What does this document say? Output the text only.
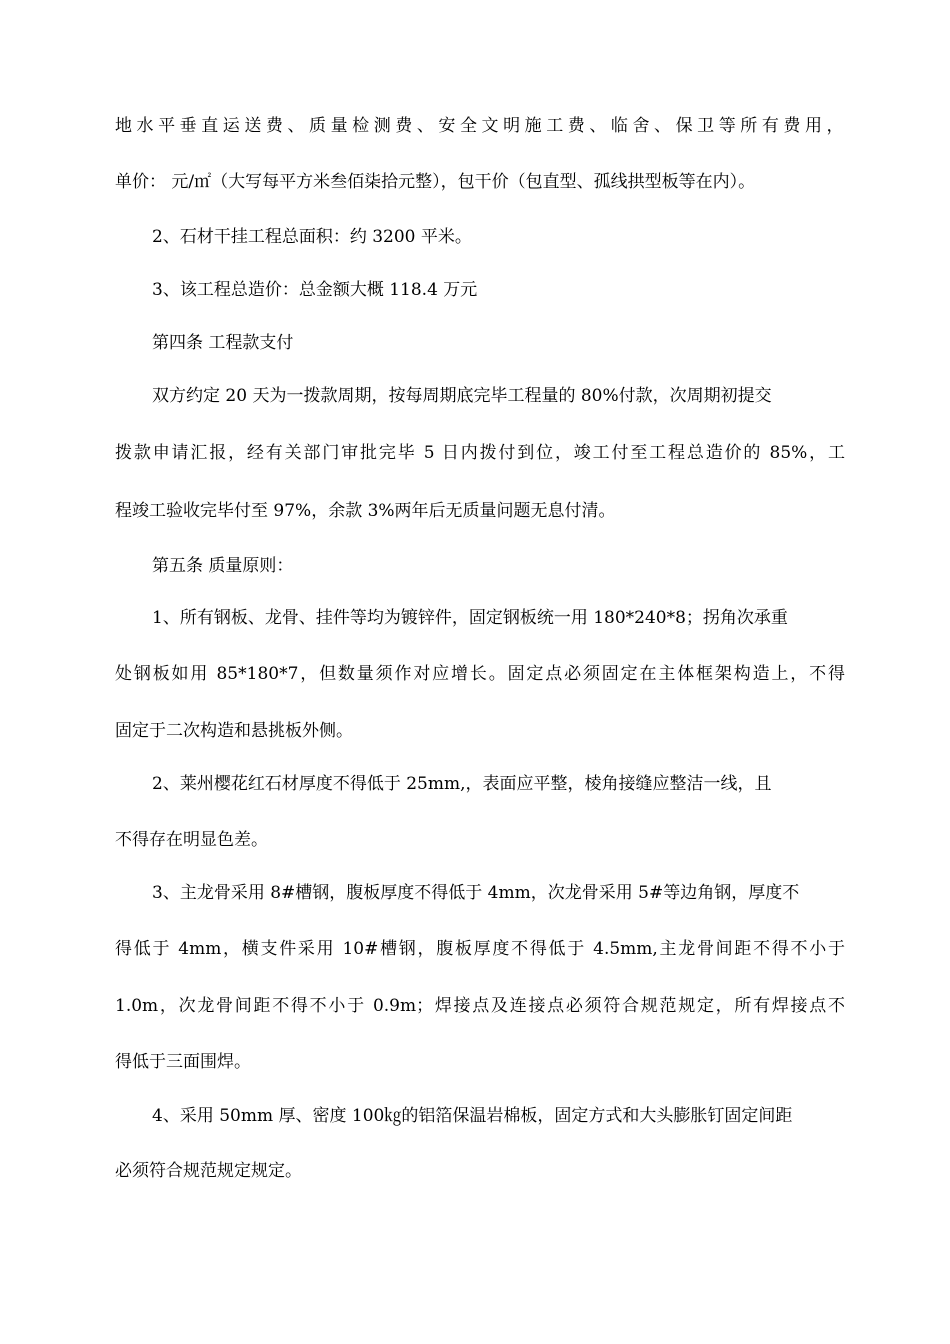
地水平垂直运送费、质量检测费、安全文明施工费、临舍、保卫等所有费用，
单价： 元/㎡（大写每平方米叁佰柒拾元整），包干价（包直型、孤线拱型板等在内）。
2、石材干挂工程总面积：约 3200 平米。
3、该工程总造价：总金额大概 118.4 万元
第四条 工程款支付
双方约定 20 天为一拨款周期，按每周期底完毕工程量的 80%付款，次周期初提交
拨款申请汇报，经有关部门审批完毕 5 日内拨付到位，竣工付至工程总造价的 85%，工
程竣工验收完毕付至 97%，余款 3%两年后无质量问题无息付清。
第五条 质量原则：
1、所有钢板、龙骨、挂件等均为镀锌件，固定钢板统一用 180*240*8；拐角次承重
处钢板如用 85*180*7，但数量须作对应增长。固定点必须固定在主体框架构造上，不得
固定于二次构造和悬挑板外侧。
2、莱州樱花红石材厚度不得低于 25mm,，表面应平整，棱角接缝应整洁一线，且
不得存在明显色差。
3、主龙骨采用 8#槽钢，腹板厚度不得低于 4mm，次龙骨采用 5#等边角钢，厚度不
得低于 4mm，横支件采用 10#槽钢，腹板厚度不得低于 4.5mm,主龙骨间距不得不小于
1.0m，次龙骨间距不得不小于 0.9m；焊接点及连接点必须符合规范规定，所有焊接点不
得低于三面围焊。
4、采用 50mm 厚、密度 100㎏的铝箔保温岩棉板，固定方式和大头膨胀钉固定间距
必须符合规范规定规定。
